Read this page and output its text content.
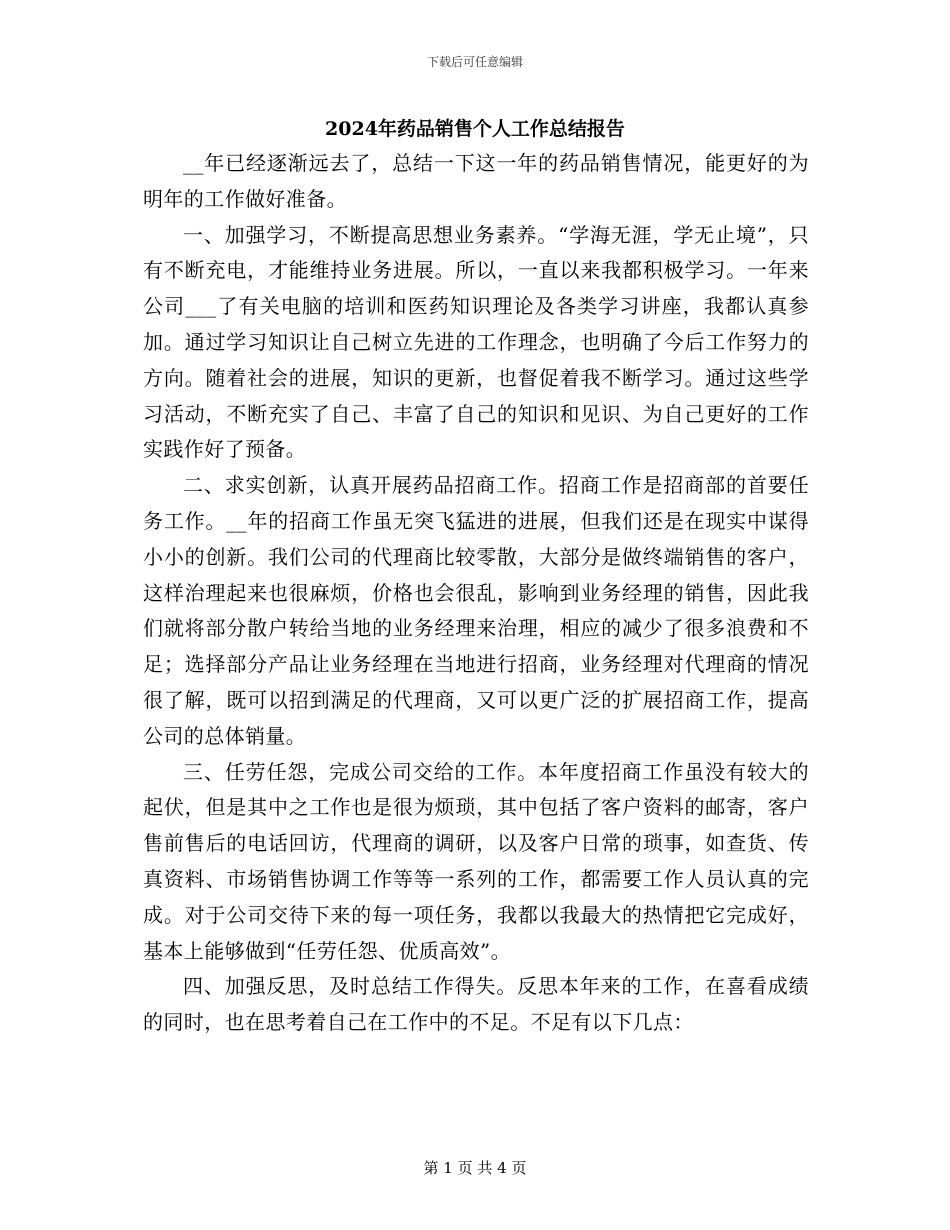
下载后可任意编辑
2024年药品销售个人工作总结报告

__年已经逐渐远去了，总结一下这一年的药品销售情况，能更好的为明年的工作做好准备。

一、加强学习，不断提高思想业务素养。“学海无涯，学无止境”，只有不断充电，才能维持业务进展。所以，一直以来我都积极学习。一年来公司___了有关电脑的培训和医药知识理论及各类学习讲座，我都认真参加。通过学习知识让自己树立先进的工作理念，也明确了今后工作努力的方向。随着社会的进展，知识的更新，也督促着我不断学习。通过这些学习活动，不断充实了自己、丰富了自己的知识和见识、为自己更好的工作实践作好了预备。

二、求实创新，认真开展药品招商工作。招商工作是招商部的首要任务工作。__年的招商工作虽无突飞猛进的进展，但我们还是在现实中谋得小小的创新。我们公司的代理商比较零散，大部分是做终端销售的客户，这样治理起来也很麻烦，价格也会很乱，影响到业务经理的销售，因此我们就将部分散户转给当地的业务经理来治理，相应的减少了很多浪费和不足；选择部分产品让业务经理在当地进行招商，业务经理对代理商的情况很了解，既可以招到满足的代理商，又可以更广泛的扩展招商工作，提高公司的总体销量。

三、任劳任怨，完成公司交给的工作。本年度招商工作虽没有较大的起伏，但是其中之工作也是很为烦琐，其中包括了客户资料的邮寄，客户售前售后的电话回访，代理商的调研，以及客户日常的琐事，如查货、传真资料、市场销售协调工作等等一系列的工作，都需要工作人员认真的完成。对于公司交待下来的每一项任务，我都以我最大的热情把它完成好，基本上能够做到“任劳任怨、优质高效”。

四、加强反思，及时总结工作得失。反思本年来的工作，在喜看成绩的同时，也在思考着自己在工作中的不足。不足有以下几点：

第 1 页 共 4 页
